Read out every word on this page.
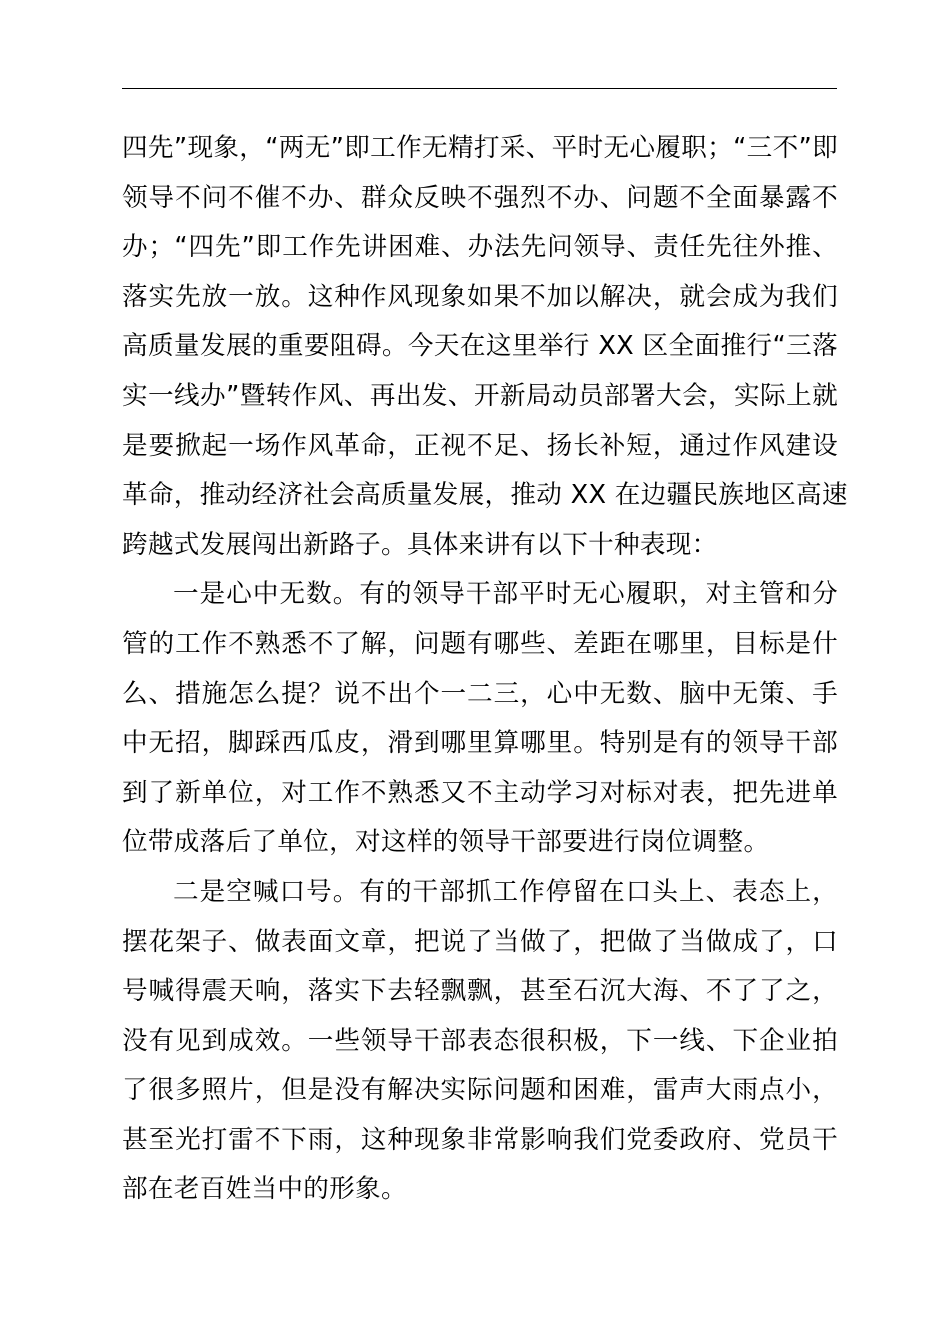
四先”现象，“两无”即工作无精打采、平时无心履职；“三不”即
领导不问不催不办、群众反映不强烈不办、问题不全面暴露不
办；“四先”即工作先讲困难、办法先问领导、责任先往外推、
落实先放一放。这种作风现象如果不加以解决，就会成为我们
高质量发展的重要阻碍。今天在这里举行 XX 区全面推行“三落
实一线办”暨转作风、再出发、开新局动员部署大会，实际上就
是要掀起一场作风革命，正视不足、扬长补短，通过作风建设
革命，推动经济社会高质量发展，推动 XX 在边疆民族地区高速
跨越式发展闯出新路子。具体来讲有以下十种表现：
一是心中无数。有的领导干部平时无心履职，对主管和分
管的工作不熟悉不了解，问题有哪些、差距在哪里，目标是什
么、措施怎么提？说不出个一二三，心中无数、脑中无策、手
中无招，脚踩西瓜皮，滑到哪里算哪里。特别是有的领导干部
到了新单位，对工作不熟悉又不主动学习对标对表，把先进单
位带成落后了单位，对这样的领导干部要进行岗位调整。
二是空喊口号。有的干部抓工作停留在口头上、表态上，
摆花架子、做表面文章，把说了当做了，把做了当做成了，口
号喊得震天响，落实下去轻飘飘，甚至石沉大海、不了了之，
没有见到成效。一些领导干部表态很积极，下一线、下企业拍
了很多照片，但是没有解决实际问题和困难，雷声大雨点小，
甚至光打雷不下雨，这种现象非常影响我们党委政府、党员干
部在老百姓当中的形象。
